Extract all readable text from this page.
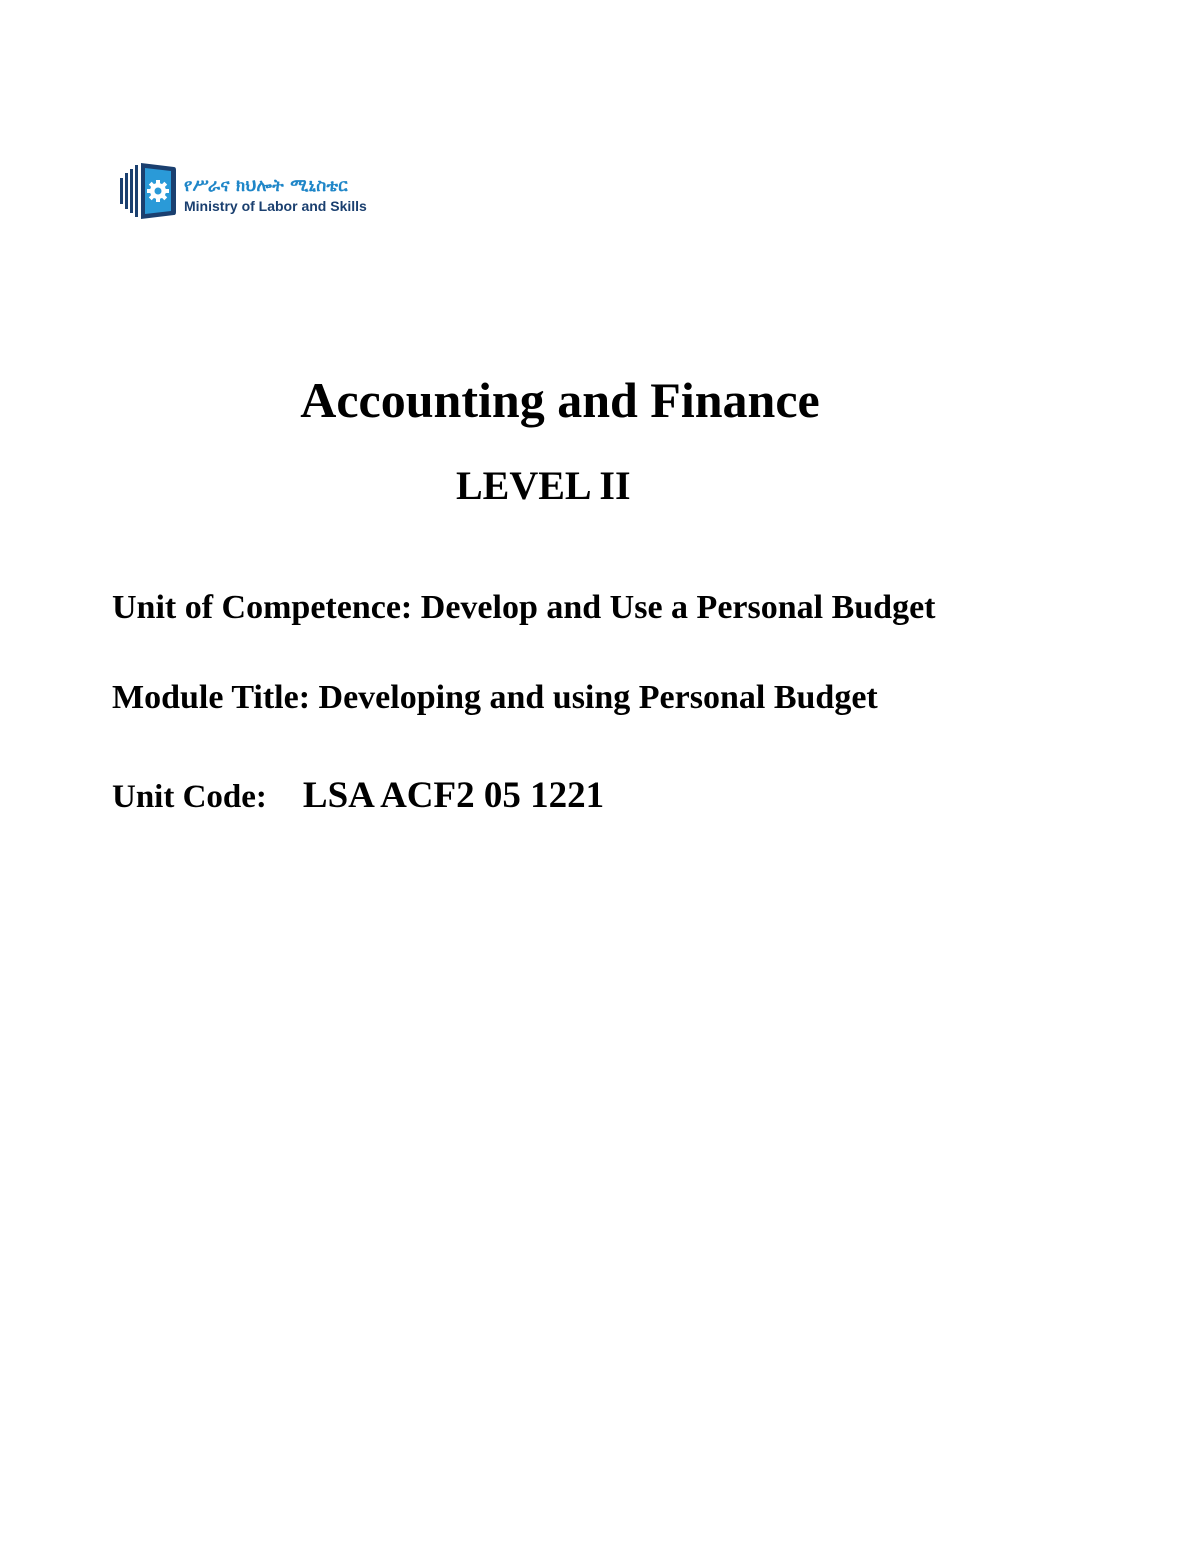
የሥራና ክህሎት ሚኒስቴር
Ministry of Labor and Skills
Accounting and Finance
LEVEL II
Unit of Competence: Develop and Use a Personal Budget
Module Title: Developing and using Personal Budget
Unit Code: LSA ACF2 05 1221
